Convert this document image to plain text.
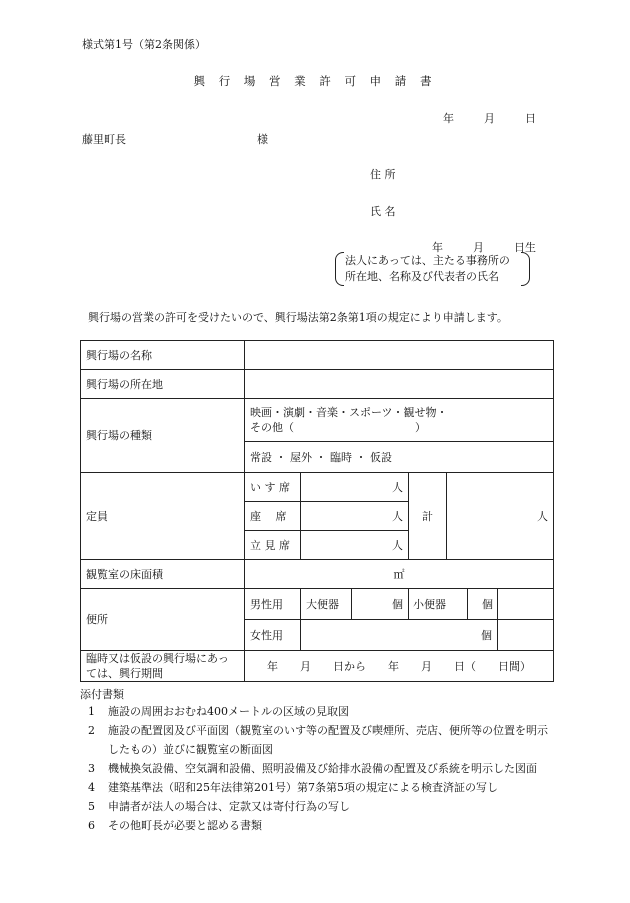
様式第1号（第2条関係）
興 行 場 営 業 許 可 申 請 書
年	月	日
藤里町長	様
住 所
氏 名
年	月	日生
法人にあっては、主たる事務所の
所在地、名称及び代表者の氏名
興行場の営業の許可を受けたいので、興行場法第2条第1項の規定により申請します。
興行場の名称	
興行場の所在地	
興行場の種類	
映画・演劇・音楽・スポーツ・観せ物・
その他（　　　　　　　　　　　）

常設 ・ 屋外 ・ 臨時 ・ 仮設
定員	い す 席	人	計	人
座　 席	人
立 見 席	人
観覧室の床面積	㎡
便所	男性用	大便器	個	小便器	個

女性用	個	

臨時又は仮設の興行場にあっ
ては、興行期間
	年　　月　　日から　　年　　月　　日（　　日間）
添付書類
1 施設の周囲おおむね400メートルの区域の見取図
2 施設の配置図及び平面図（観覧室のいす等の配置及び喫煙所、売店、便所等の位置を明示したもの）並びに観覧室の断面図
3 機械換気設備、空気調和設備、照明設備及び給排水設備の配置及び系統を明示した図面
4 建築基準法（昭和25年法律第201号）第7条第5項の規定による検査済証の写し
5 申請者が法人の場合は、定款又は寄付行為の写し
6 その他町長が必要と認める書類
